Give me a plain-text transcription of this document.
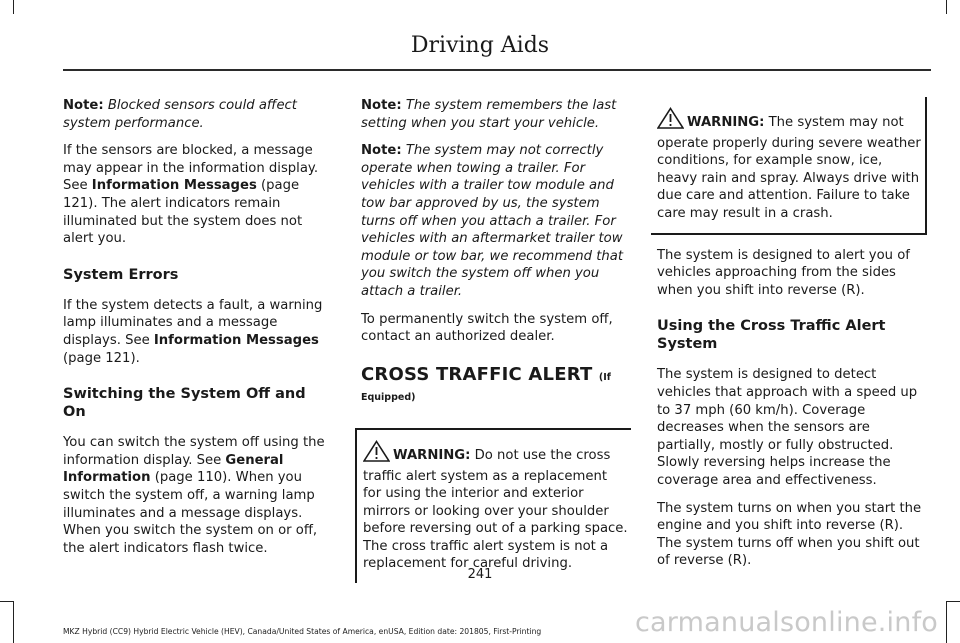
Driving Aids

Note: Blocked sensors could affect system performance.

If the sensors are blocked, a message may appear in the information display. See Information Messages (page 121). The alert indicators remain illuminated but the system does not alert you.

System Errors

If the system detects a fault, a warning lamp illuminates and a message displays. See Information Messages (page 121).

Switching the System Off and On

You can switch the system off using the information display. See General Information (page 110). When you switch the system off, a warning lamp illuminates and a message displays. When you switch the system on or off, the alert indicators flash twice.

Note: The system remembers the last setting when you start your vehicle.

Note: The system may not correctly operate when towing a trailer. For vehicles with a trailer tow module and tow bar approved by us, the system turns off when you attach a trailer. For vehicles with an aftermarket trailer tow module or tow bar, we recommend that you switch the system off when you attach a trailer.

To permanently switch the system off, contact an authorized dealer.

CROSS TRAFFIC ALERT (If Equipped)
WARNING: Do not use the cross traffic alert system as a replacement for using the interior and exterior mirrors or looking over your shoulder before reversing out of a parking space. The cross traffic alert system is not a replacement for careful driving.
WARNING: The system may not operate properly during severe weather conditions, for example snow, ice, heavy rain and spray. Always drive with due care and attention. Failure to take care may result in a crash.

The system is designed to alert you of vehicles approaching from the sides when you shift into reverse (R).

Using the Cross Traffic Alert System

The system is designed to detect vehicles that approach with a speed up to 37 mph (60 km/h). Coverage decreases when the sensors are partially, mostly or fully obstructed. Slowly reversing helps increase the coverage area and effectiveness.

The system turns on when you start the engine and you shift into reverse (R). The system turns off when you shift out of reverse (R).

241
MKZ Hybrid (CC9) Hybrid Electric Vehicle (HEV), Canada/United States of America, enUSA, Edition date: 201805, First-Printing	carmanualsonline.info
